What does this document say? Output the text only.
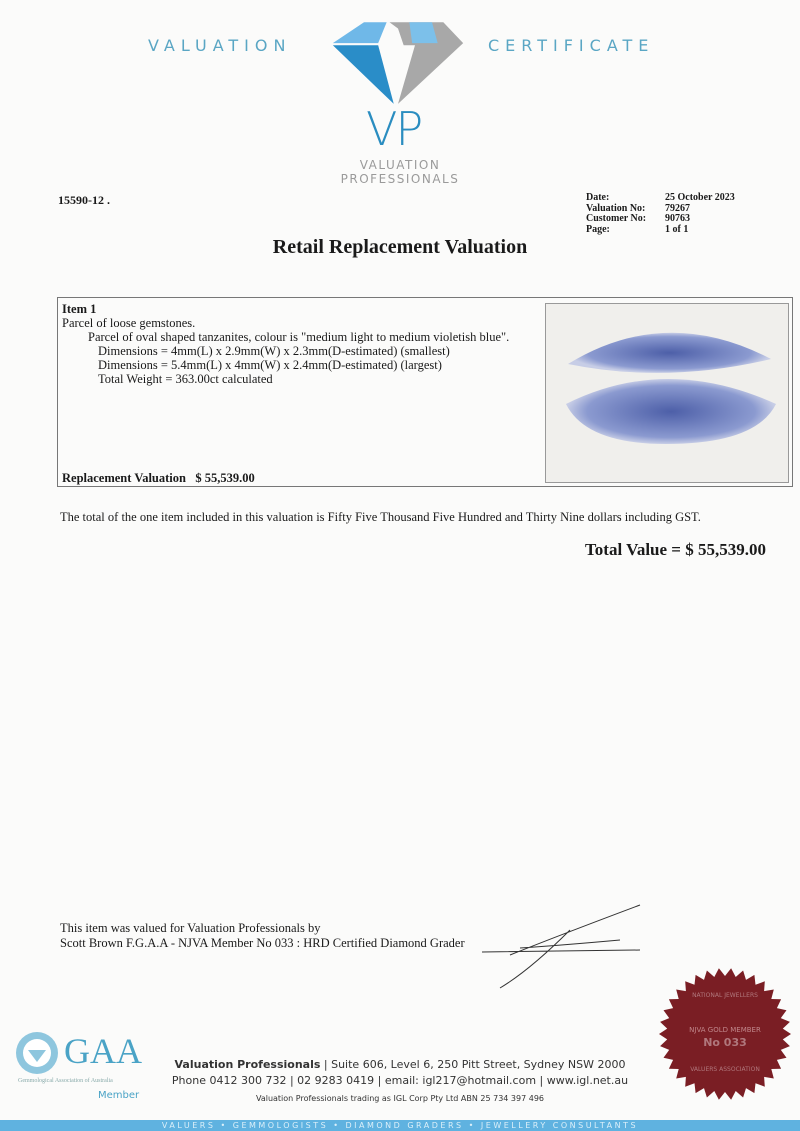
VALUATION	CERTIFICATE
VP
VALUATION
PROFESSIONALS
15590-12 .	Date:	25 October 2023
Valuation No:	79267
Customer No:	90763
Page:	1 of 1
Retail Replacement Valuation
Item 1
Parcel of loose gemstones.
Parcel of oval shaped tanzanites, colour is "medium light to medium violetish blue".
Dimensions = 4mm(L) x 2.9mm(W) x 2.3mm(D-estimated) (smallest)
Dimensions = 5.4mm(L) x 4mm(W) x 2.4mm(D-estimated) (largest)
Total Weight = 363.00ct calculated
Replacement Valuation $ 55,539.00
The total of the one item included in this valuation is Fifty Five Thousand Five Hundred and Thirty Nine dollars including GST.
Total Value = $ 55,539.00
This item was valued for Valuation Professionals by
Scott Brown F.G.A.A - NJVA Member No 033 : HRD Certified Diamond Grader
GAA
Gemmological Association of Australia
Member
NATIONAL JEWELLERS
NJVA GOLD MEMBER
No 033
VALUERS ASSOCIATION
Valuation Professionals | Suite 606, Level 6, 250 Pitt Street, Sydney NSW 2000
Phone 0412 300 732 | 02 9283 0419 | email: igl217@hotmail.com | www.igl.net.au
Valuation Professionals trading as IGL Corp Pty Ltd ABN 25 734 397 496
VALUERS • GEMMOLOGISTS • DIAMOND GRADERS • JEWELLERY CONSULTANTS
